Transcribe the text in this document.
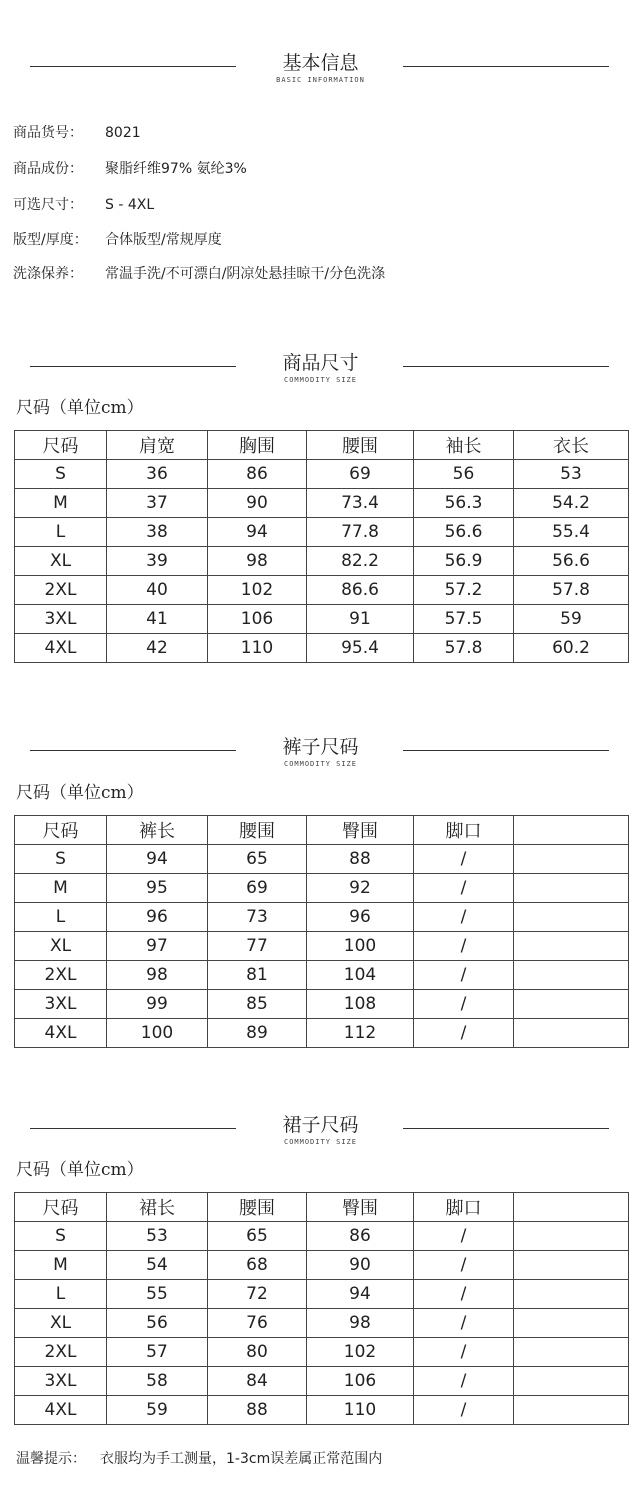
基本信息
BASIC INFORMATION
商品货号： 8021
商品成份： 聚脂纤维97% 氨纶3%
可选尺寸： S - 4XL
版型/厚度： 合体版型/常规厚度
洗涤保养： 常温手洗/不可漂白/阴凉处悬挂晾干/分色洗涤
商品尺寸
COMMODITY SIZE
尺码（单位cm）
尺码	肩宽	胸围	腰围	袖长	衣长
S	36	86	69	56	53
M	37	90	73.4	56.3	54.2
L	38	94	77.8	56.6	55.4
XL	39	98	82.2	56.9	56.6
2XL	40	102	86.6	57.2	57.8
3XL	41	106	91	57.5	59
4XL	42	110	95.4	57.8	60.2
裤子尺码
COMMODITY SIZE
尺码（单位cm）
尺码	裤长	腰围	臀围	脚口	
S	94	65	88	/	
M	95	69	92	/	
L	96	73	96	/	
XL	97	77	100	/	
2XL	98	81	104	/	
3XL	99	85	108	/	
4XL	100	89	112	/	
裙子尺码
COMMODITY SIZE
尺码（单位cm）
尺码	裙长	腰围	臀围	脚口	
S	53	65	86	/	
M	54	68	90	/	
L	55	72	94	/	
XL	56	76	98	/	
2XL	57	80	102	/	
3XL	58	84	106	/	
4XL	59	88	110	/	
温馨提示： 衣服均为手工测量，1-3cm误差属正常范围内
